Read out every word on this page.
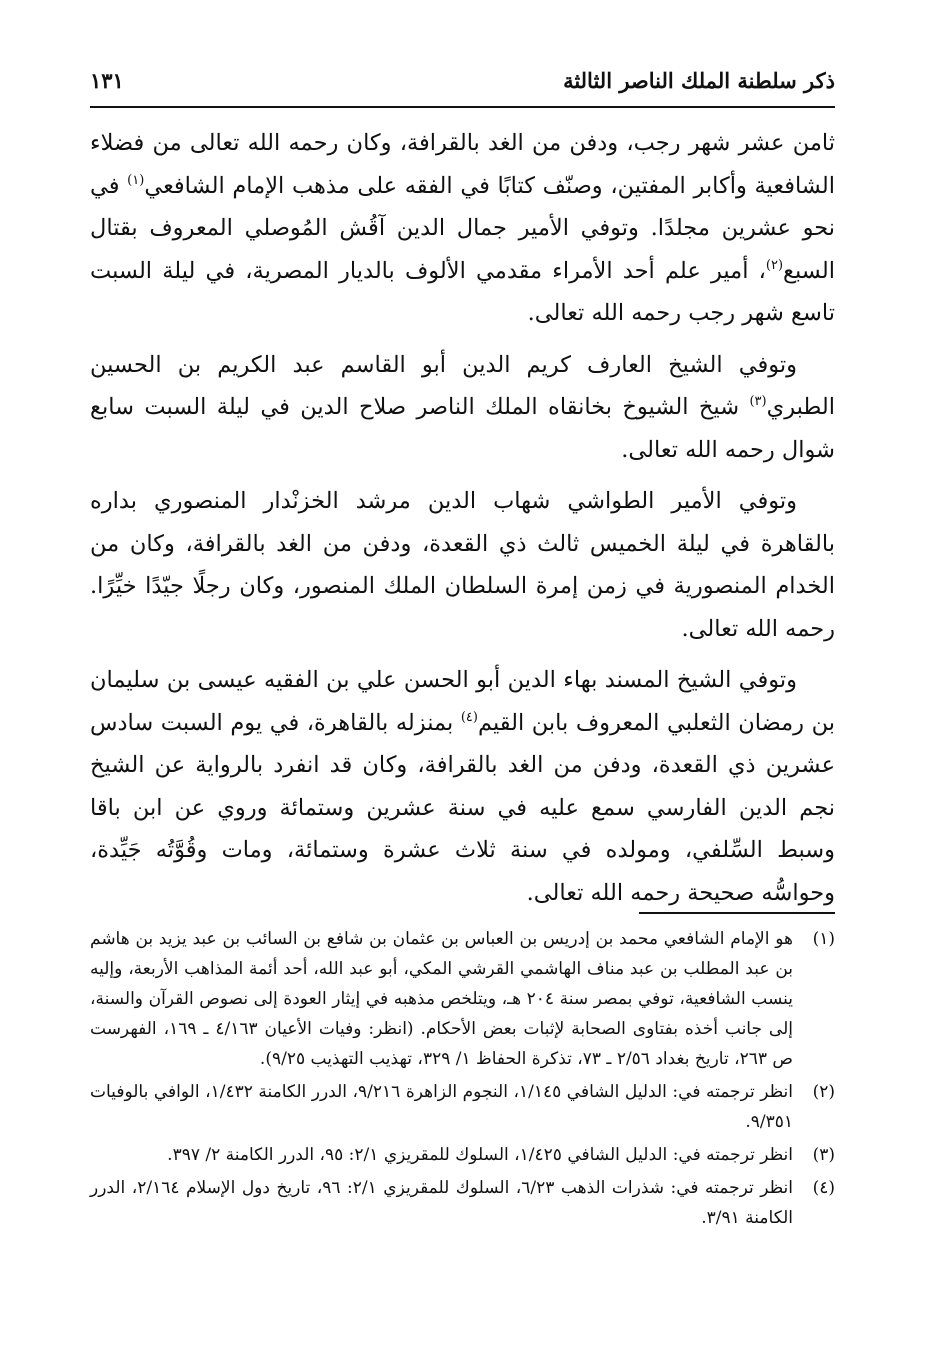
ذكر سلطنة الملك الناصر الثالثة
١٣١

ثامن عشر شهر رجب، ودفن من الغد بالقرافة، وكان رحمه الله تعالى من فضلاء الشافعية وأكابر المفتين، وصنّف كتابًا في الفقه على مذهب الإمام الشافعي$^{(١)}$ في نحو عشرين مجلدًا. وتوفي الأمير جمال الدين آقُش المُوصلي المعروف بقتال السبع$^{(٢)}$، أمير علم أحد الأمراء مقدمي الألوف بالديار المصرية، في ليلة السبت تاسع شهر رجب رحمه الله تعالى.

وتوفي الشيخ العارف كريم الدين أبو القاسم عبد الكريم بن الحسين الطبري$^{(٣)}$ شيخ الشيوخ بخانقاه الملك الناصر صلاح الدين في ليلة السبت سابع شوال رحمه الله تعالى.

وتوفي الأمير الطواشي شهاب الدين مرشد الخزنْدار المنصوري بداره بالقاهرة في ليلة الخميس ثالث ذي القعدة، ودفن من الغد بالقرافة، وكان من الخدام المنصورية في زمن إمرة السلطان الملك المنصور، وكان رجلًا جيّدًا خيِّرًا. رحمه الله تعالى.

وتوفي الشيخ المسند بهاء الدين أبو الحسن علي بن الفقيه عيسى بن سليمان بن رمضان الثعلبي المعروف بابن القيم$^{(٤)}$ بمنزله بالقاهرة، في يوم السبت سادس عشرين ذي القعدة، ودفن من الغد بالقرافة، وكان قد انفرد بالرواية عن الشيخ نجم الدين الفارسي سمع عليه في سنة عشرين وستمائة وروي عن ابن باقا وسبط السِّلفي، ومولده في سنة ثلاث عشرة وستمائة، ومات وقُوَّتُه جَيِّدة، وحواسُّه صحيحة رحمه الله تعالى.

(١)
هو الإمام الشافعي محمد بن إدريس بن العباس بن عثمان بن شافع بن السائب بن عبد يزيد بن هاشم بن عبد المطلب بن عبد مناف الهاشمي القرشي المكي، أبو عبد الله، أحد أئمة المذاهب الأربعة، وإليه ينسب الشافعية، توفي بمصر سنة ٢٠٤ هـ، ويتلخص مذهبه في إيثار العودة إلى نصوص القرآن والسنة، إلى جانب أخذه بفتاوى الصحابة لإثبات بعض الأحكام. (انظر: وفيات الأعيان ٤/١٦٣ ـ ١٦٩، الفهرست ص ٢٦٣، تاريخ بغداد ٢/٥٦ ـ ٧٣، تذكرة الحفاظ ١/ ٣٢٩، تهذيب التهذيب ٩/٢٥).
(٢)
انظر ترجمته في: الدليل الشافي ١/١٤٥، النجوم الزاهرة ٩/٢١٦، الدرر الكامنة ١/٤٣٢، الوافي بالوفيات ٩/٣٥١.
(٣)
انظر ترجمته في: الدليل الشافي ١/٤٢٥، السلوك للمقريزي ٢/١: ٩٥، الدرر الكامنة ٢/ ٣٩٧.
(٤)
انظر ترجمته في: شذرات الذهب ٦/٢٣، السلوك للمقريزي ٢/١: ٩٦، تاريخ دول الإسلام ٢/١٦٤، الدرر الكامنة ٣/٩١.
